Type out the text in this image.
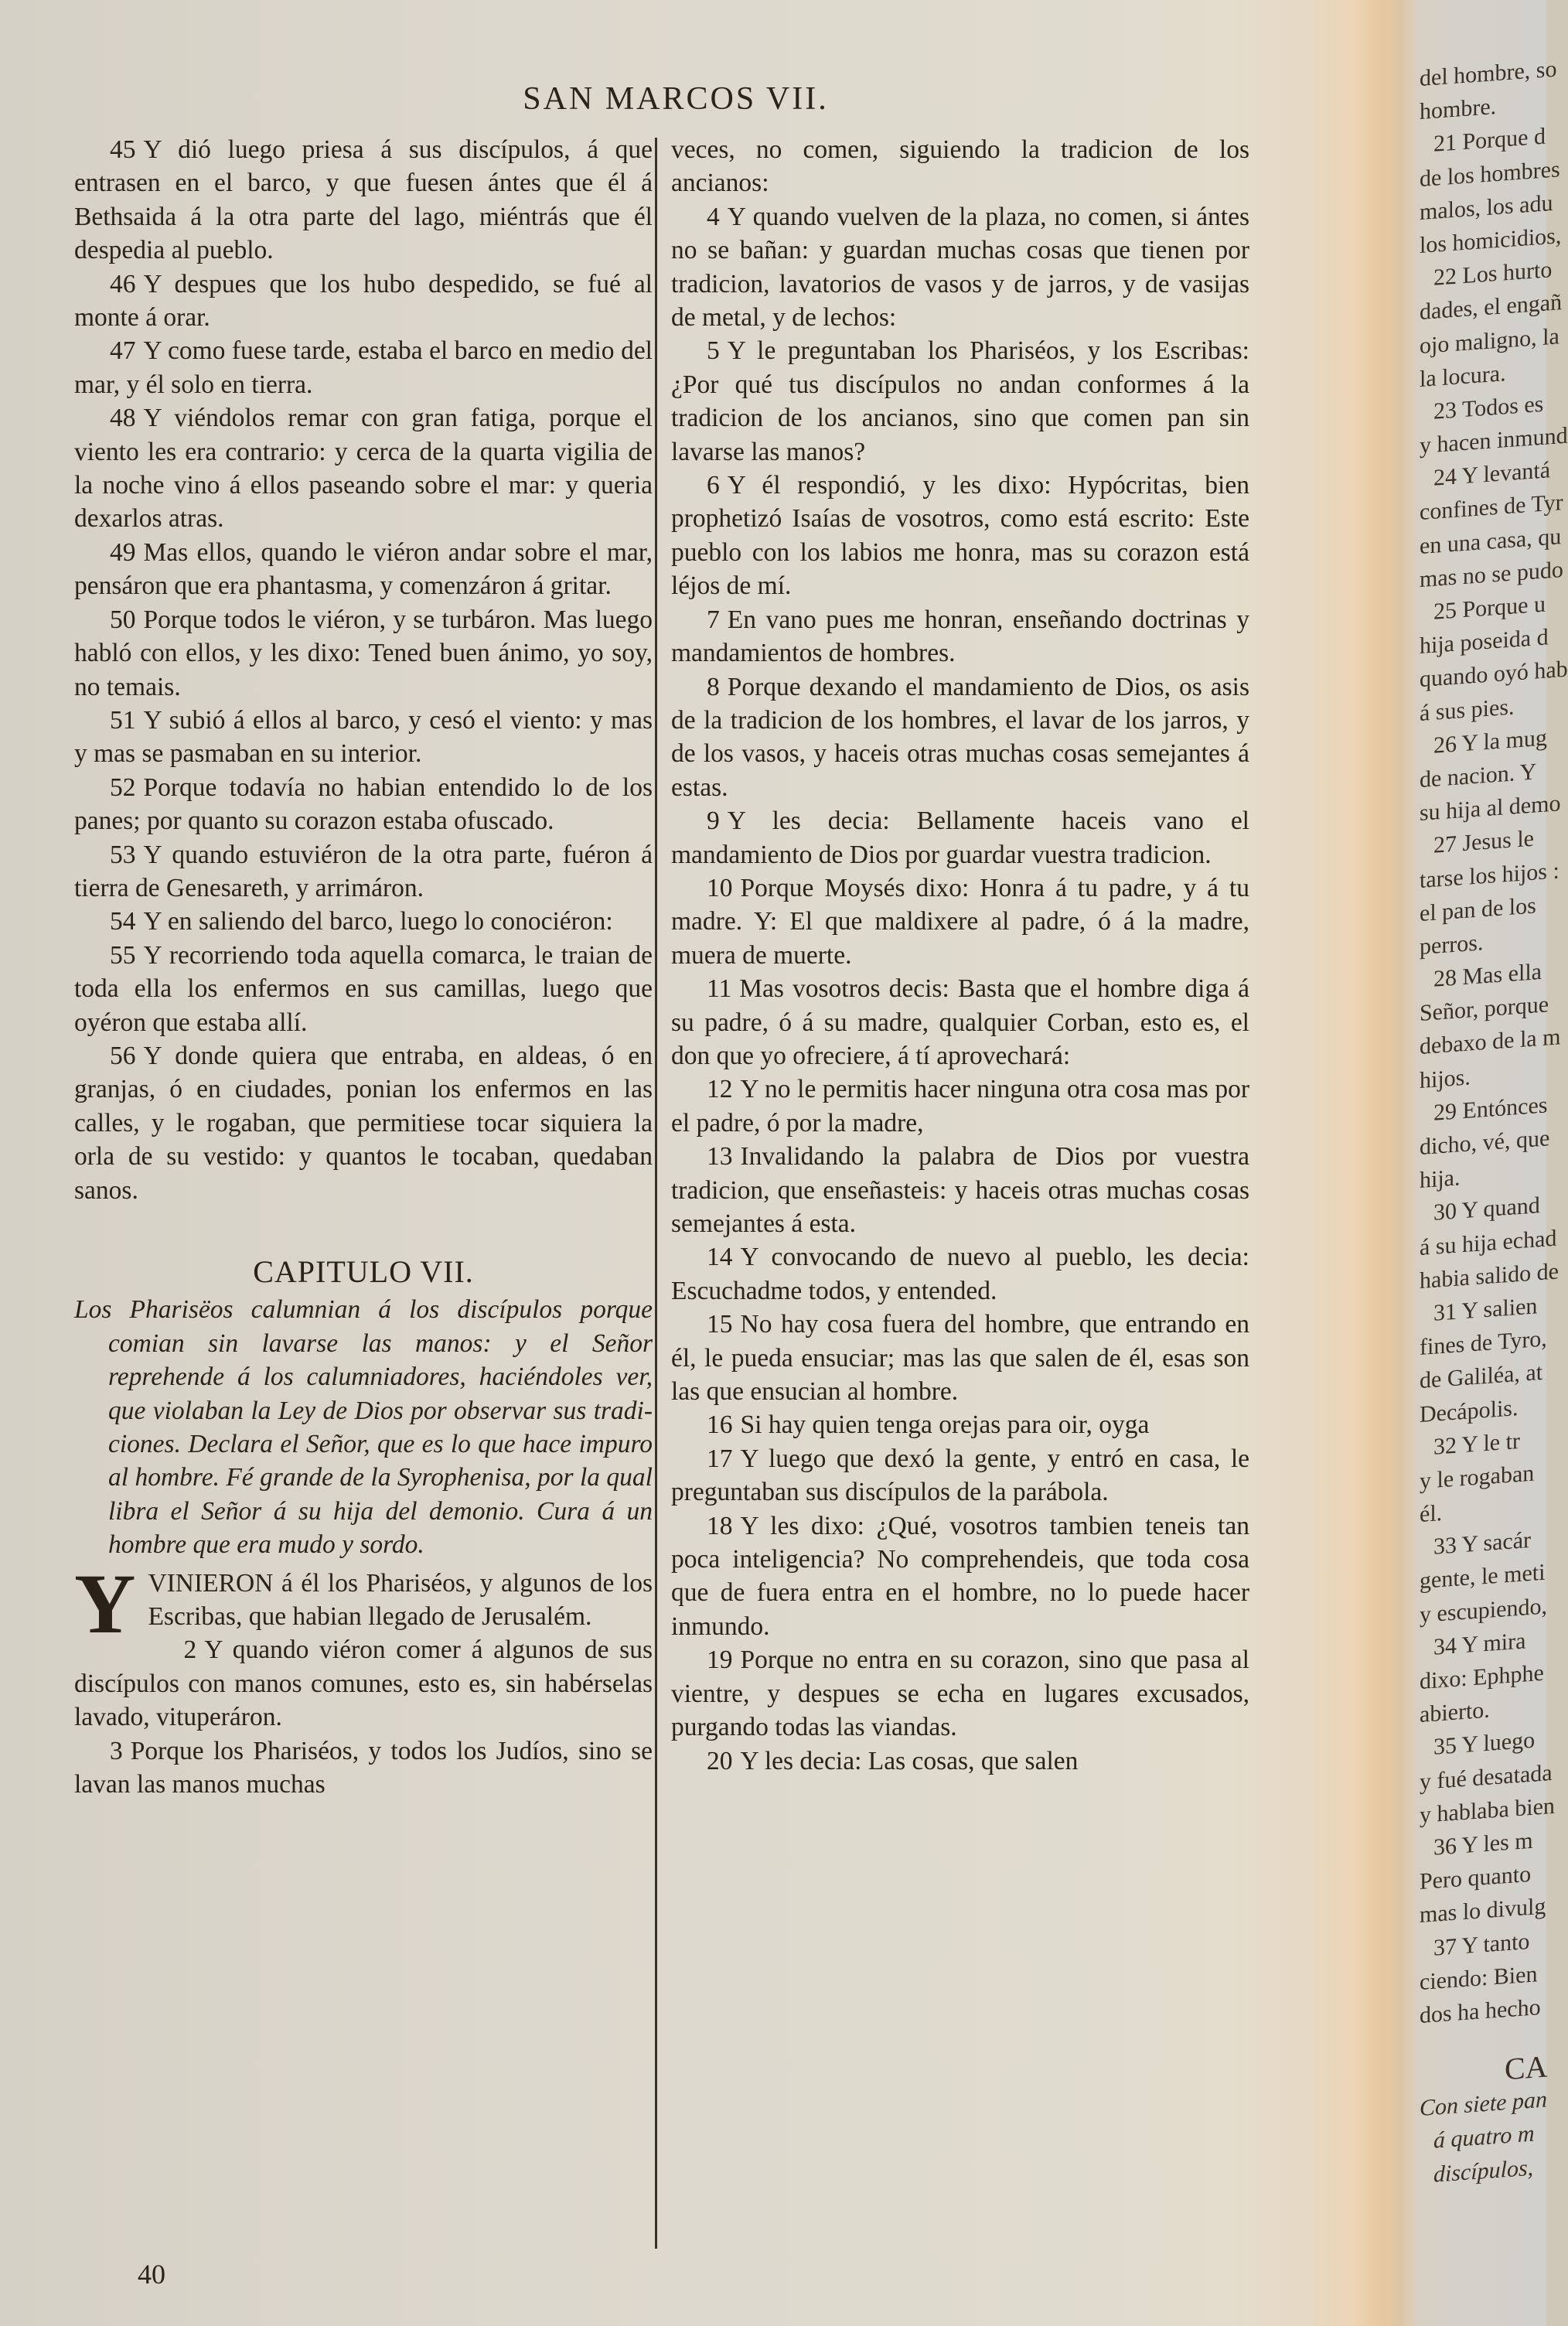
SAN MARCOS VII.

45 Y dió luego priesa á sus discípulos, á que entrasen en el barco, y que fuesen ántes que él á Bethsaida á la otra parte del lago, miéntrás que él despedia al pueblo.

46 Y despues que los hubo despedido, se fué al monte á orar.

47 Y como fuese tarde, estaba el barco en medio del mar, y él solo en tierra.

48 Y viéndolos remar con gran fatiga, porque el viento les era contrario: y cerca de la quarta vigilia de la noche vino á ellos paseando sobre el mar: y queria dexarlos atras.

49 Mas ellos, quando le viéron andar sobre el mar, pensáron que era phantasma, y comenzáron á gritar.

50 Porque todos le viéron, y se turbáron. Mas luego habló con ellos, y les dixo: Tened buen ánimo, yo soy, no temais.

51 Y subió á ellos al barco, y cesó el viento: y mas y mas se pasmaban en su interior.

52 Porque todavía no habian entendido lo de los panes; por quanto su corazon estaba ofuscado.

53 Y quando estuviéron de la otra parte, fuéron á tierra de Genesareth, y arrimáron.

54 Y en saliendo del barco, luego lo conociéron:

55 Y recorriendo toda aquella comarca, le traian de toda ella los enfermos en sus camillas, luego que oyéron que estaba allí.

56 Y donde quiera que entraba, en aldeas, ó en granjas, ó en ciudades, ponian los enfermos en las calles, y le rogaban, que permitiese tocar siquiera la orla de su vestido: y quantos le tocaban, quedaban sanos.

CAPITULO VII.

Los Pharisëos calumnian á los discípulos porque comian sin lavarse las manos: y el Señor reprehende á los calumniadores, haciéndoles ver, que violaban la Ley de Dios por observar sus tradiciones. Declara el Señor, que es lo que hace impuro al hombre. Fé grande de la Syrophenisa, por la qual libra el Señor á su hija del demonio. Cura á un hombre que era mudo y sordo.

Y VINIERON á él los Phariséos, y algunos de los Escribas, que habian llegado de Jerusalém.

2 Y quando viéron comer á algunos de sus discípulos con manos comunes, esto es, sin habérselas lavado, vituperáron.

3 Porque los Phariséos, y todos los Judíos, sino se lavan las manos muchas

veces, no comen, siguiendo la tradicion de los ancianos:

4 Y quando vuelven de la plaza, no comen, si ántes no se bañan: y guardan muchas cosas que tienen por tradicion, lavatorios de vasos y de jarros, y de vasijas de metal, y de lechos:

5 Y le preguntaban los Phariséos, y los Escribas: ¿Por qué tus discípulos no andan conformes á la tradicion de los ancianos, sino que comen pan sin lavarse las manos?

6 Y él respondió, y les dixo: Hypócritas, bien prophetizó Isaías de vosotros, como está escrito: Este pueblo con los labios me honra, mas su corazon está léjos de mí.

7 En vano pues me honran, enseñando doctrinas y mandamientos de hombres.

8 Porque dexando el mandamiento de Dios, os asis de la tradicion de los hombres, el lavar de los jarros, y de los vasos, y haceis otras muchas cosas semejantes á estas.

9 Y les decia: Bellamente haceis vano el mandamiento de Dios por guardar vuestra tradicion.

10 Porque Moysés dixo: Honra á tu padre, y á tu madre. Y: El que maldixere al padre, ó á la madre, muera de muerte.

11 Mas vosotros decis: Basta que el hombre diga á su padre, ó á su madre, qualquier Corban, esto es, el don que yo ofreciere, á tí aprovechará:

12 Y no le permitis hacer ninguna otra cosa mas por el padre, ó por la madre,

13 Invalidando la palabra de Dios por vuestra tradicion, que enseñasteis: y haceis otras muchas cosas semejantes á esta.

14 Y convocando de nuevo al pueblo, les decia: Escuchadme todos, y entended.

15 No hay cosa fuera del hombre, que entrando en él, le pueda ensuciar; mas las que salen de él, esas son las que ensucian al hombre.

16 Si hay quien tenga orejas para oir, oyga

17 Y luego que dexó la gente, y entró en casa, le preguntaban sus discípulos de la parábola.

18 Y les dixo: ¿Qué, vosotros tambien teneis tan poca inteligencia? No comprehendeis, que toda cosa que de fuera entra en el hombre, no lo puede hacer inmundo.

19 Porque no entra en su corazon, sino que pasa al vientre, y despues se echa en lugares excusados, purgando todas las viandas.

20 Y les decia: Las cosas, que salen

40
del hombre, so
hombre.
21 Porque d
de los hombres
malos, los adu
los homicidios,
22 Los hurto
dades, el engañ
ojo maligno, la
la locura.
23 Todos es
y hacen inmund
24 Y levantá
confines de Tyr
en una casa, qu
mas no se pudo
25 Porque u
hija poseida d
quando oyó hab
á sus pies.
26 Y la mug
de nacion. Y
su hija al demo
27 Jesus le
tarse los hijos :
el pan de los
perros.
28 Mas ella
Señor, porque
debaxo de la m
hijos.
29 Entónces
dicho, vé, que
hija.
30 Y quand
á su hija echad
habia salido de
31 Y salien
fines de Tyro,
de Galiléa, at
Decápolis.
32 Y le tr
y le rogaban
él.
33 Y sacár
gente, le meti
y escupiendo,
34 Y mira
dixo: Ephphe
abierto.
35 Y luego
y fué desatada
y hablaba bien
36 Y les m
Pero quanto
mas lo divulg
37 Y tanto
ciendo: Bien
dos ha hecho
CA
Con siete pan
á quatro m
discípulos,
